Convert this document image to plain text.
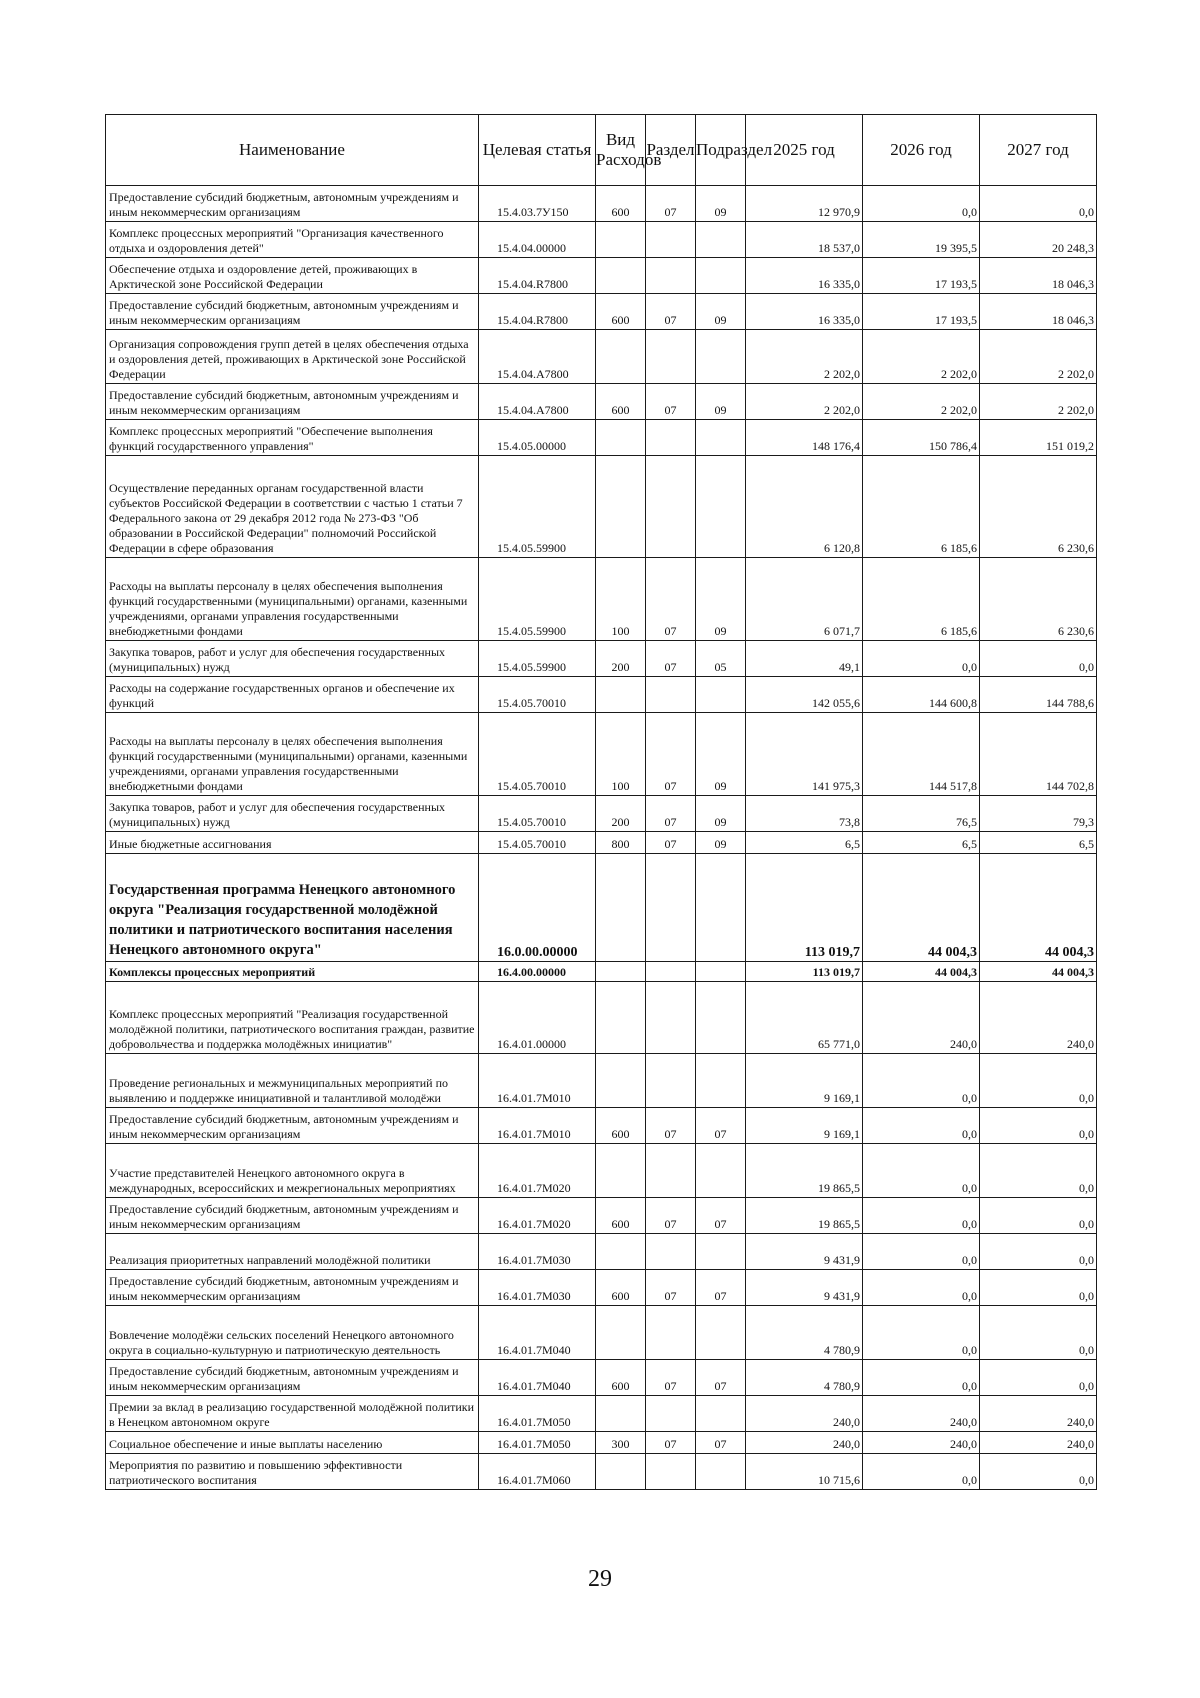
Наименование	Целевая статья	Вид Расходов	Раздел	Подраздел	2025 год	2026 год	2027 год
Предоставление субсидий бюджетным, автономным учреждениям и иным некоммерческим организациям	15.4.03.7У150	600	07	09	12 970,9	0,0	0,0
Комплекс процессных мероприятий "Организация качественного отдыха и оздоровления детей"	15.4.04.00000				18 537,0	19 395,5	20 248,3
Обеспечение отдыха и оздоровление детей, проживающих в Арктической зоне Российской Федерации	15.4.04.R7800				16 335,0	17 193,5	18 046,3
Предоставление субсидий бюджетным, автономным учреждениям и иным некоммерческим организациям	15.4.04.R7800	600	07	09	16 335,0	17 193,5	18 046,3
Организация сопровождения групп детей в целях обеспечения отдыха и оздоровления детей, проживающих в Арктической зоне Российской Федерации	15.4.04.А7800				2 202,0	2 202,0	2 202,0
Предоставление субсидий бюджетным, автономным учреждениям и иным некоммерческим организациям	15.4.04.А7800	600	07	09	2 202,0	2 202,0	2 202,0
Комплекс процессных мероприятий "Обеспечение выполнения функций государственного управления"	15.4.05.00000				148 176,4	150 786,4	151 019,2
Осуществление переданных органам государственной власти субъектов Российской Федерации в соответствии с частью 1 статьи 7 Федерального закона от 29 декабря 2012 года № 273-ФЗ "Об образовании в Российской Федерации" полномочий Российской Федерации в сфере образования	15.4.05.59900				6 120,8	6 185,6	6 230,6
Расходы на выплаты персоналу в целях обеспечения выполнения функций государственными (муниципальными) органами, казенными учреждениями, органами управления государственными внебюджетными фондами	15.4.05.59900	100	07	09	6 071,7	6 185,6	6 230,6
Закупка товаров, работ и услуг для обеспечения государственных (муниципальных) нужд	15.4.05.59900	200	07	05	49,1	0,0	0,0
Расходы на содержание государственных органов и обеспечение их функций	15.4.05.70010				142 055,6	144 600,8	144 788,6
Расходы на выплаты персоналу в целях обеспечения выполнения функций государственными (муниципальными) органами, казенными учреждениями, органами управления государственными внебюджетными фондами	15.4.05.70010	100	07	09	141 975,3	144 517,8	144 702,8
Закупка товаров, работ и услуг для обеспечения государственных (муниципальных) нужд	15.4.05.70010	200	07	09	73,8	76,5	79,3
Иные бюджетные ассигнования	15.4.05.70010	800	07	09	6,5	6,5	6,5
Государственная программа Ненецкого автономного округа "Реализация государственной молодёжной политики и патриотического воспитания населения Ненецкого автономного округа"	16.0.00.00000				113 019,7	44 004,3	44 004,3
Комплексы процессных мероприятий	16.4.00.00000				113 019,7	44 004,3	44 004,3
Комплекс процессных мероприятий "Реализация государственной молодёжной политики, патриотического воспитания граждан, развитие добровольчества и поддержка молодёжных инициатив"	16.4.01.00000				65 771,0	240,0	240,0
Проведение региональных и межмуниципальных мероприятий по выявлению и поддержке инициативной и талантливой молодёжи	16.4.01.7М010				9 169,1	0,0	0,0
Предоставление субсидий бюджетным, автономным учреждениям и иным некоммерческим организациям	16.4.01.7М010	600	07	07	9 169,1	0,0	0,0
Участие представителей Ненецкого автономного округа в международных, всероссийских и межрегиональных мероприятиях	16.4.01.7М020				19 865,5	0,0	0,0
Предоставление субсидий бюджетным, автономным учреждениям и иным некоммерческим организациям	16.4.01.7М020	600	07	07	19 865,5	0,0	0,0
Реализация приоритетных направлений молодёжной политики	16.4.01.7М030				9 431,9	0,0	0,0
Предоставление субсидий бюджетным, автономным учреждениям и иным некоммерческим организациям	16.4.01.7М030	600	07	07	9 431,9	0,0	0,0
Вовлечение молодёжи сельских поселений Ненецкого автономного округа в социально-культурную и патриотическую деятельность	16.4.01.7М040				4 780,9	0,0	0,0
Предоставление субсидий бюджетным, автономным учреждениям и иным некоммерческим организациям	16.4.01.7М040	600	07	07	4 780,9	0,0	0,0
Премии за вклад в реализацию государственной молодёжной политики в Ненецком автономном округе	16.4.01.7М050				240,0	240,0	240,0
Социальное обеспечение и иные выплаты населению	16.4.01.7М050	300	07	07	240,0	240,0	240,0
Мероприятия по развитию и повышению эффективности патриотического воспитания	16.4.01.7М060				10 715,6	0,0	0,0
29
